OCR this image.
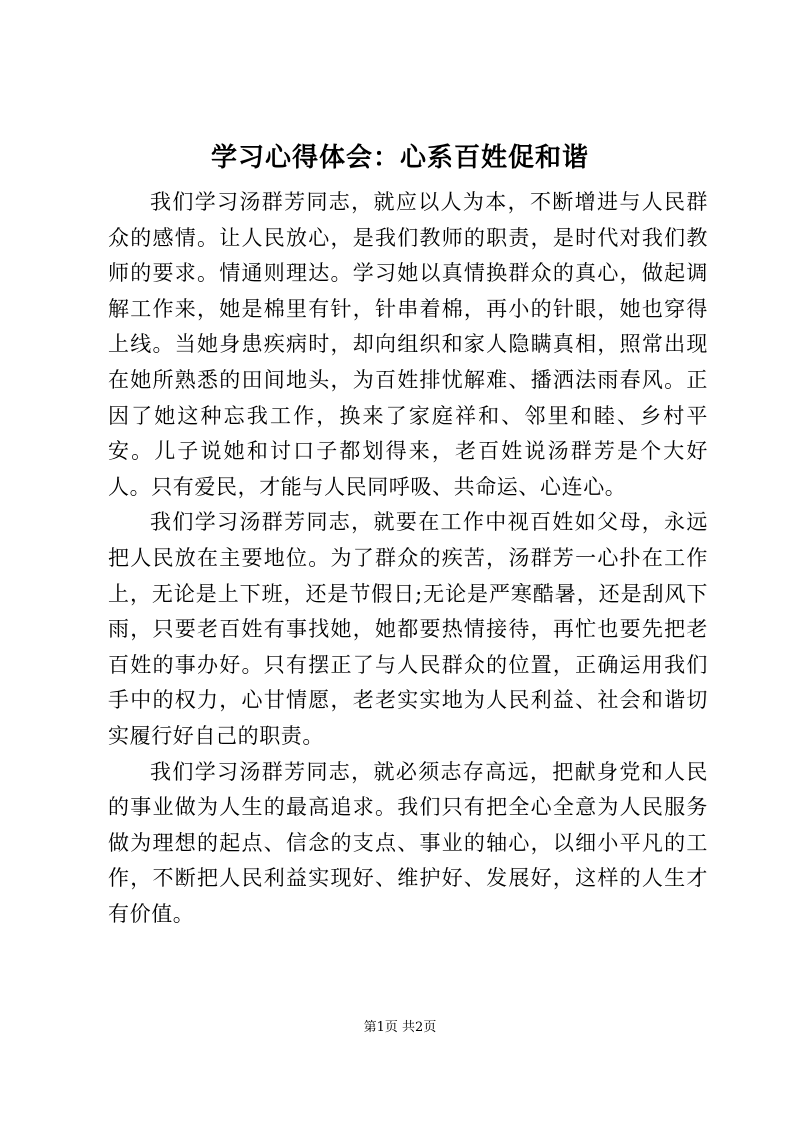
学习心得体会：心系百姓促和谐

我们学习汤群芳同志，就应以人为本，不断增进与人民群众的感情。让人民放心，是我们教师的职责，是时代对我们教师的要求。情通则理达。学习她以真情换群众的真心，做起调解工作来，她是棉里有针，针串着棉，再小的针眼，她也穿得上线。当她身患疾病时，却向组织和家人隐瞒真相，照常出现在她所熟悉的田间地头，为百姓排忧解难、播洒法雨春风。正因了她这种忘我工作，换来了家庭祥和、邻里和睦、乡村平安。儿子说她和讨口子都划得来，老百姓说汤群芳是个大好人。只有爱民，才能与人民同呼吸、共命运、心连心。

我们学习汤群芳同志，就要在工作中视百姓如父母，永远把人民放在主要地位。为了群众的疾苦，汤群芳一心扑在工作上，无论是上下班，还是节假日;无论是严寒酷暑，还是刮风下雨，只要老百姓有事找她，她都要热情接待，再忙也要先把老百姓的事办好。只有摆正了与人民群众的位置，正确运用我们手中的权力，心甘情愿，老老实实地为人民利益、社会和谐切实履行好自己的职责。

我们学习汤群芳同志，就必须志存高远，把献身党和人民的事业做为人生的最高追求。我们只有把全心全意为人民服务做为理想的起点、信念的支点、事业的轴心，以细小平凡的工作，不断把人民利益实现好、维护好、发展好，这样的人生才有价值。

第1页 共2页
